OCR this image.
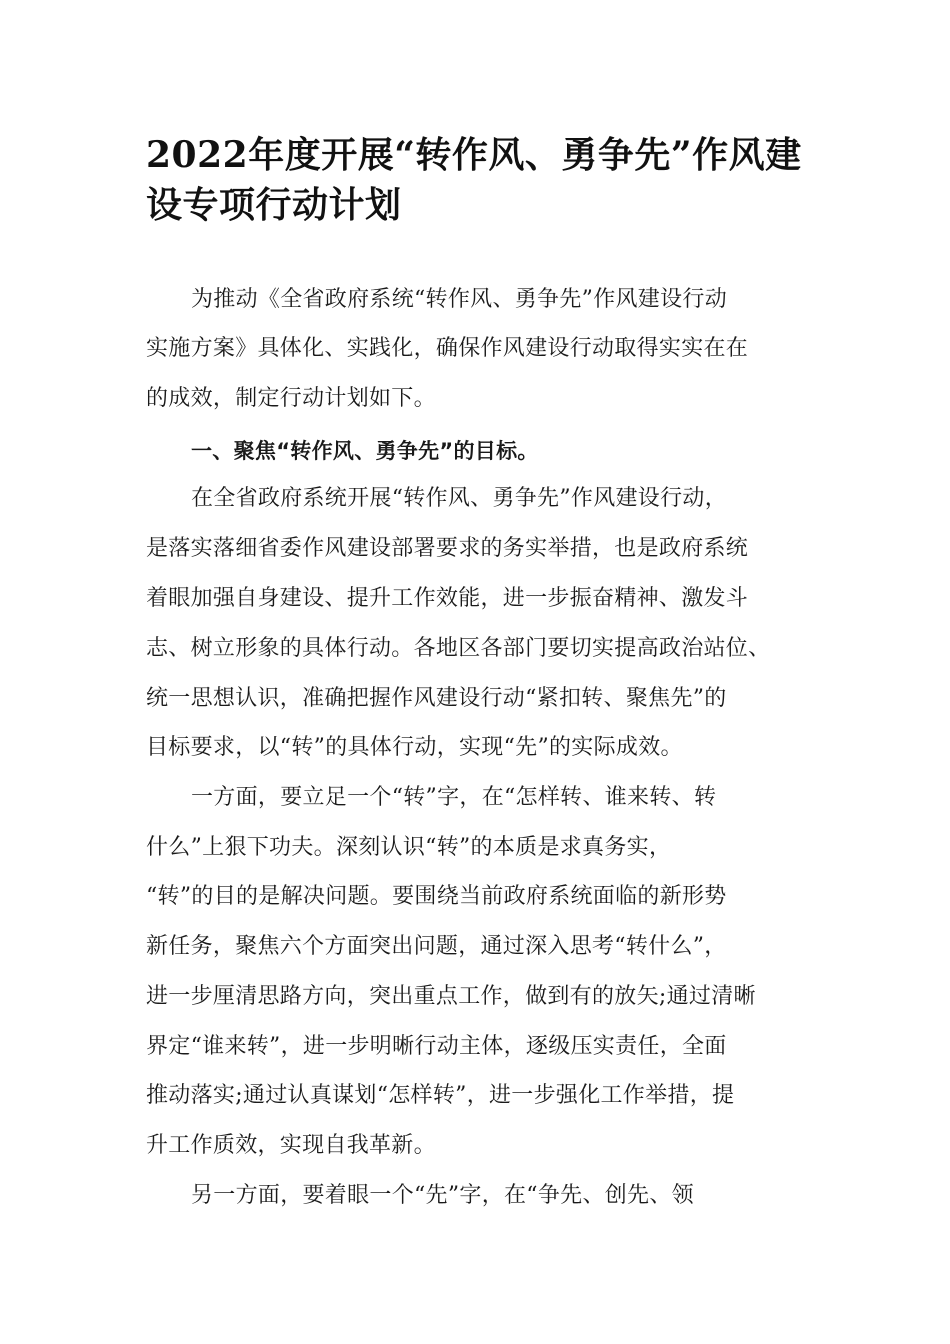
2022年度开展“转作风、勇争先”作风建
设专项行动计划
为推动《全省政府系统“转作风、勇争先”作风建设行动
实施方案》具体化、实践化，确保作风建设行动取得实实在在
的成效，制定行动计划如下。
一、聚焦“转作风、勇争先”的目标。
在全省政府系统开展“转作风、勇争先”作风建设行动，
是落实落细省委作风建设部署要求的务实举措，也是政府系统
着眼加强自身建设、提升工作效能，进一步振奋精神、激发斗
志、树立形象的具体行动。各地区各部门要切实提高政治站位、
统一思想认识，准确把握作风建设行动“紧扣转、聚焦先”的
目标要求，以“转”的具体行动，实现“先”的实际成效。
一方面，要立足一个“转”字，在“怎样转、谁来转、转
什么”上狠下功夫。深刻认识“转”的本质是求真务实，
“转”的目的是解决问题。要围绕当前政府系统面临的新形势
新任务，聚焦六个方面突出问题，通过深入思考“转什么”，
进一步厘清思路方向，突出重点工作，做到有的放矢;通过清晰
界定“谁来转”，进一步明晰行动主体，逐级压实责任，全面
推动落实;通过认真谋划“怎样转”，进一步强化工作举措，提
升工作质效，实现自我革新。
另一方面，要着眼一个“先”字，在“争先、创先、领
